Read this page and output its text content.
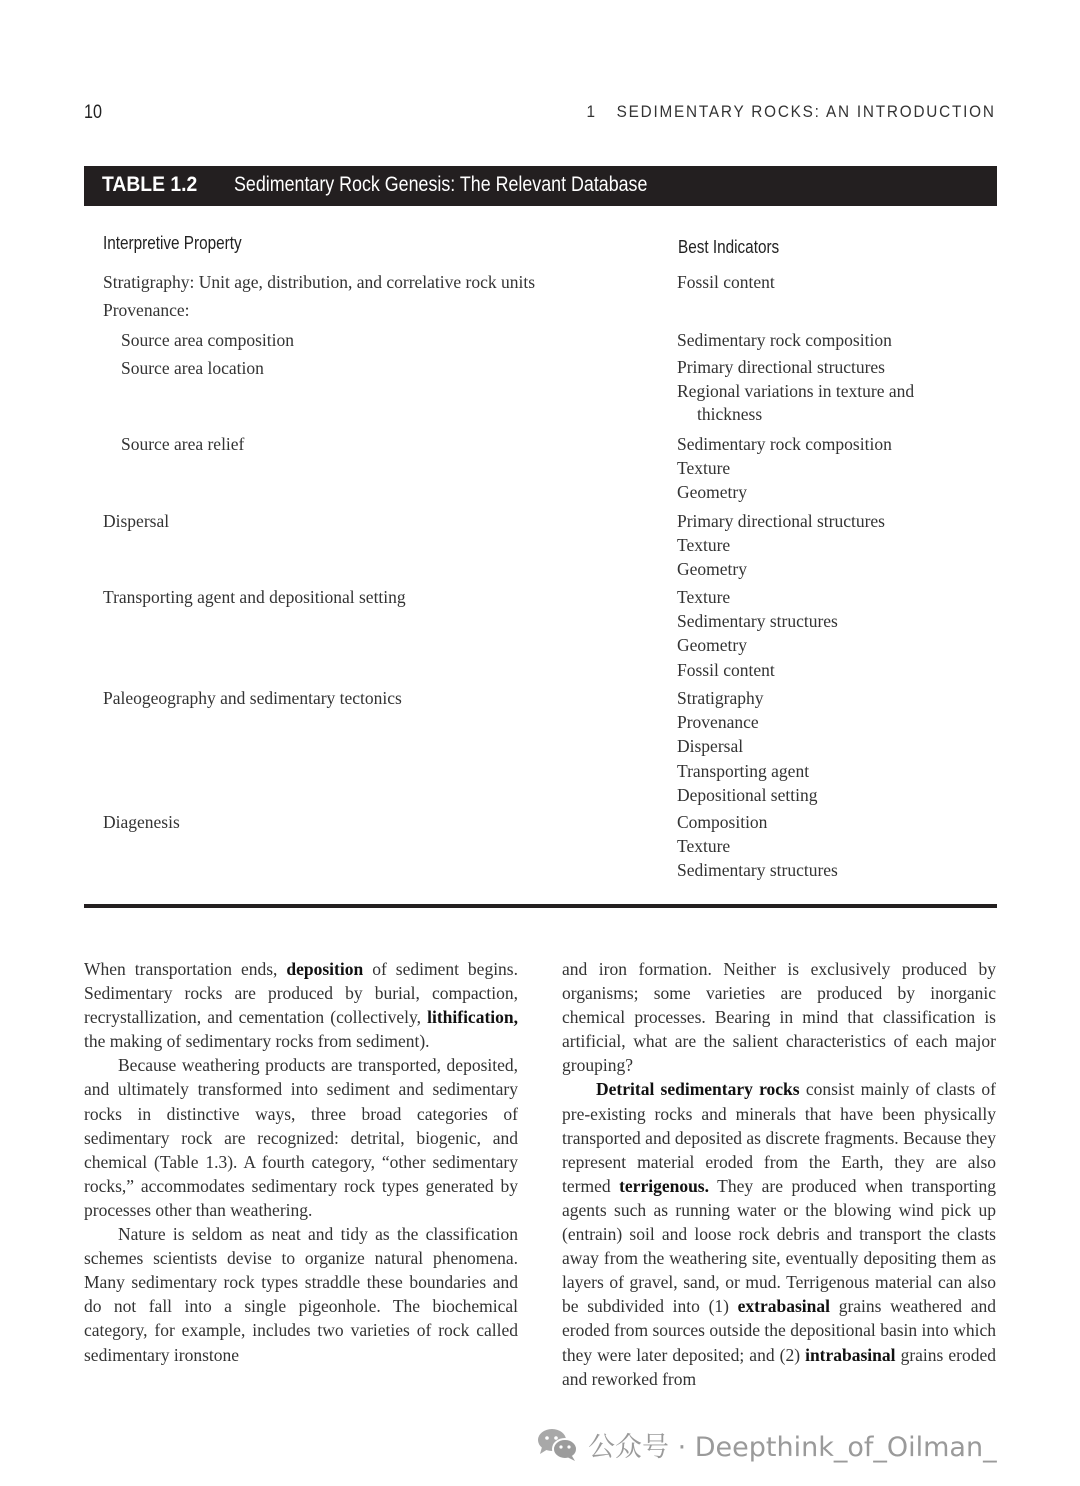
10	1 SEDIMENTARY ROCKS: AN INTRODUCTION
TABLE 1.2 Sedimentary Rock Genesis: The Relevant Database
Interpretive Property	Best Indicators
Stratigraphy: Unit age, distribution, and correlative rock units
Provenance:
Source area composition
Source area location
Source area relief
Dispersal
Transporting agent and depositional setting
Paleogeography and sedimentary tectonics
Diagenesis
Fossil content
Sedimentary rock composition
Primary directional structures
Regional variations in texture and
thickness
Sedimentary rock composition
Texture
Geometry
Primary directional structures
Texture
Geometry
Texture
Sedimentary structures
Geometry
Fossil content
Stratigraphy
Provenance
Dispersal
Transporting agent
Depositional setting
Composition
Texture
Sedimentary structures

When transportation ends, deposition of sediment begins. Sedimentary rocks are produced by burial, compaction, recrystallization, and cementation (collectively, lithification, the making of sedimentary rocks from sediment).

Because weathering products are transported, deposited, and ultimately transformed into sediment and sedimentary rocks in distinctive ways, three broad categories of sedimentary rock are recognized: detrital, biogenic, and chemical (Table 1.3). A fourth category, “other sedimentary rocks,” accommodates sedimentary rock types generated by processes other than weathering.

Nature is seldom as neat and tidy as the classification schemes scientists devise to organize natural phenomena. Many sedimentary rock types straddle these boundaries and do not fall into a single pigeonhole. The biochemical category, for example, includes two varieties of rock called sedimentary ironstone

and iron formation. Neither is exclusively produced by organisms; some varieties are produced by inorganic chemical processes. Bearing in mind that classification is artificial, what are the salient characteristics of each major grouping?

Detrital sedimentary rocks consist mainly of clasts of pre-existing rocks and minerals that have been physically transported and deposited as discrete fragments. Because they represent material eroded from the Earth, they are also termed terrigenous. They are produced when transporting agents such as running water or the blowing wind pick up (entrain) soil and loose rock debris and transport the clasts away from the weathering site, eventually depositing them as layers of gravel, sand, or mud. Terrigenous material can also be subdivided into (1) extrabasinal grains weathered and eroded from sources outside the depositional basin into which they were later deposited; and (2) intrabasinal grains eroded and reworked from

公众号 · Deepthink_of_Oilman_
